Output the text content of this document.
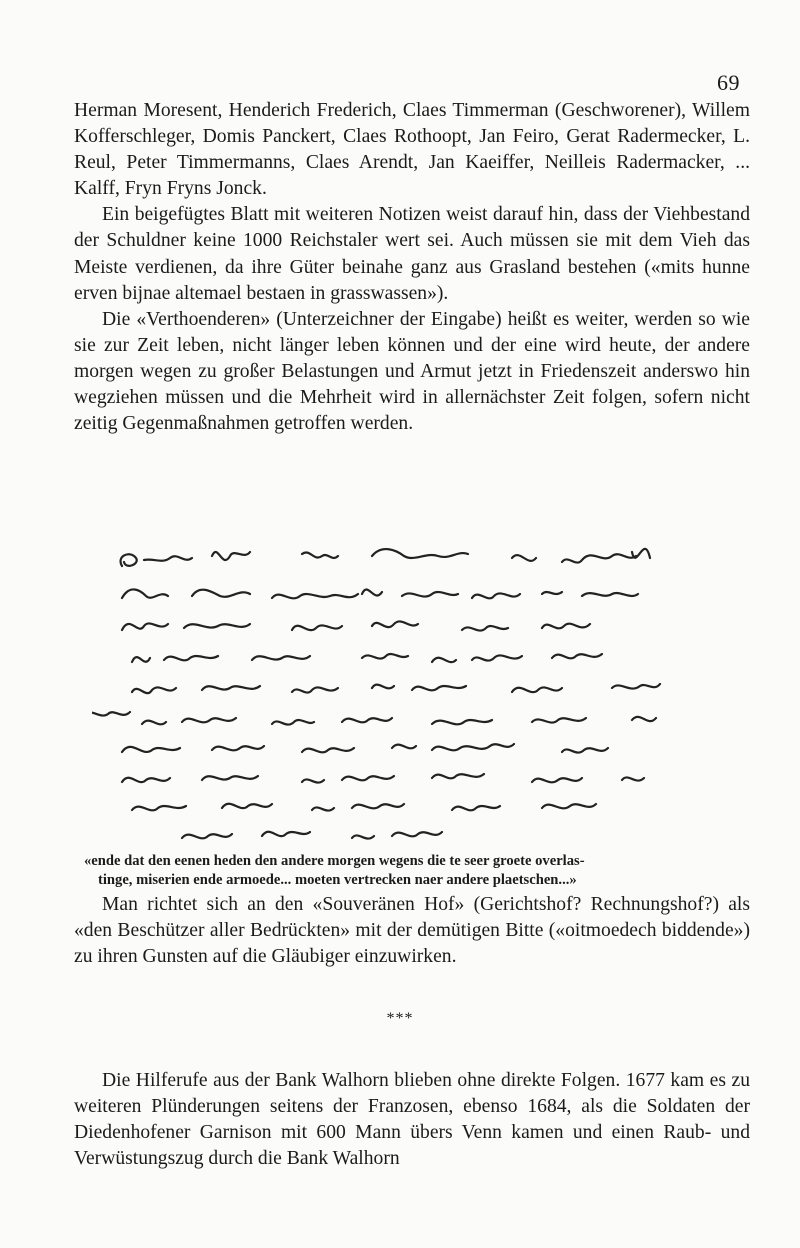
69

Herman Moresent, Henderich Frederich, Claes Timmerman (Geschworener), Willem Kofferschleger, Domis Panckert, Claes Rothoopt, Jan Feiro, Gerat Radermecker, L. Reul, Peter Timmermanns, Claes Arendt, Jan Kaeiffer, Neilleis Radermacker, ... Kalff, Fryn Fryns Jonck.

Ein beigefügtes Blatt mit weiteren Notizen weist darauf hin, dass der Viehbestand der Schuldner keine 1000 Reichstaler wert sei. Auch müssen sie mit dem Vieh das Meiste verdienen, da ihre Güter beinahe ganz aus Grasland bestehen («mits hunne erven bijnae altemael bestaen in grasswassen»).

Die «Verthoenderen» (Unterzeichner der Eingabe) heißt es weiter, werden so wie sie zur Zeit leben, nicht länger leben können und der eine wird heute, der andere morgen wegen zu großer Belastungen und Armut jetzt in Friedenszeit anderswo hin wegziehen müssen und die Mehrheit wird in allernächster Zeit folgen, sofern nicht zeitig Gegenmaßnahmen getroffen werden.

«ende dat den eenen heden den andere morgen wegens die te seer groete overlas-
tinge, miserien ende armoede... moeten vertrecken naer andere plaetschen...»

Man richtet sich an den «Souveränen Hof» (Gerichtshof? Rechnungshof?) als «den Beschützer aller Bedrückten» mit der demütigen Bitte («oitmoedech biddende») zu ihren Gunsten auf die Gläubiger einzuwirken.

***

Die Hilferufe aus der Bank Walhorn blieben ohne direkte Folgen. 1677 kam es zu weiteren Plünderungen seitens der Franzosen, ebenso 1684, als die Soldaten der Diedenhofener Garnison mit 600 Mann übers Venn kamen und einen Raub- und Verwüstungszug durch die Bank Walhorn
